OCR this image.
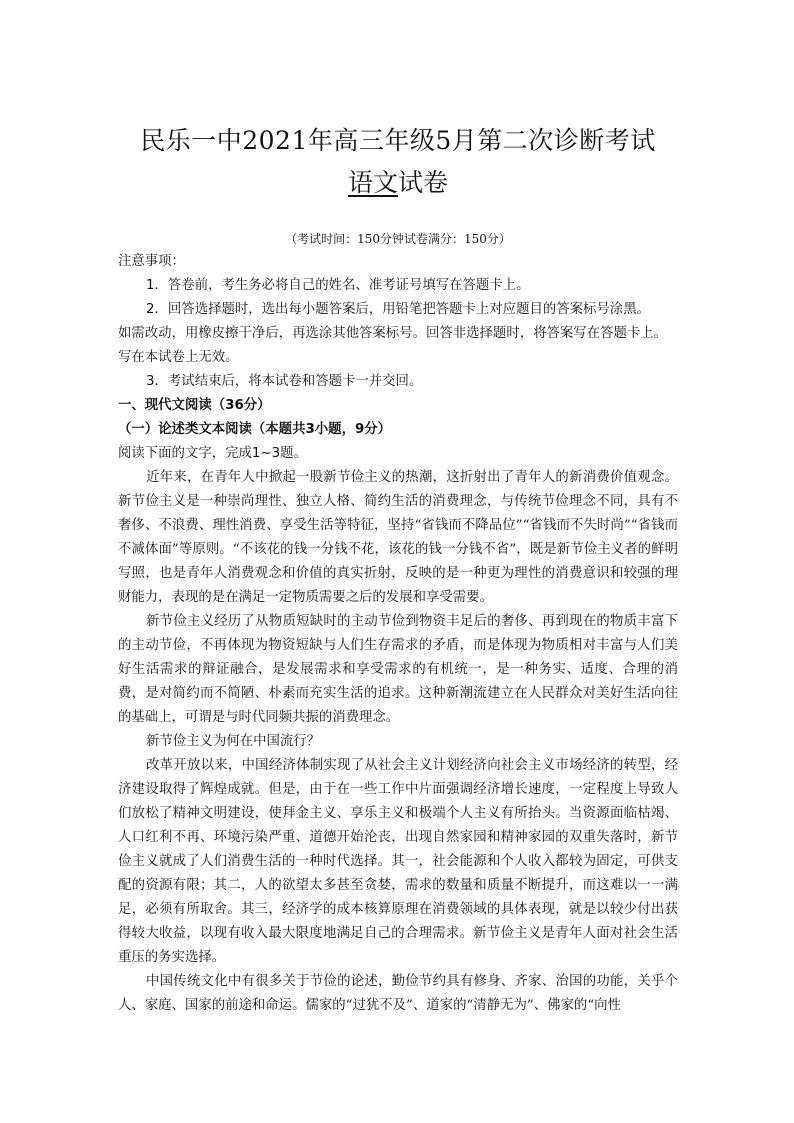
民乐一中2021年高三年级5月第二次诊断考试
语文试卷
（考试时间：150分钟试卷满分：150分）
注意事项：
1．答卷前，考生务必将自己的姓名、准考证号填写在答题卡上。
2．回答选择题时，选出每小题答案后，用铅笔把答题卡上对应题目的答案标号涂黑。
如需改动，用橡皮擦干净后，再选涂其他答案标号。回答非选择题时，将答案写在答题卡上。
写在本试卷上无效。
3．考试结束后，将本试卷和答题卡一并交回。
一、现代文阅读（36分）
（一）论述类文本阅读（本题共3小题，9分）
阅读下面的文字，完成1~3题。

近年来，在青年人中掀起一股新节俭主义的热潮，这折射出了青年人的新消费价值观念。新节俭主义是一种崇尚理性、独立人格、简约生活的消费理念，与传统节俭理念不同，具有不奢侈、不浪费、理性消费、享受生活等特征，坚持“省钱而不降品位”“省钱而不失时尚”“省钱而不减体面”等原则。“不该花的钱一分钱不花，该花的钱一分钱不省”，既是新节俭主义者的鲜明写照，也是青年人消费观念和价值的真实折射，反映的是一种更为理性的消费意识和较强的理财能力，表现的是在满足一定物质需要之后的发展和享受需要。

新节俭主义经历了从物质短缺时的主动节俭到物资丰足后的奢侈、再到现在的物质丰富下的主动节俭，不再体现为物资短缺与人们生存需求的矛盾，而是体现为物质相对丰富与人们美好生活需求的辩证融合，是发展需求和享受需求的有机统一，是一种务实、适度、合理的消费，是对简约而不简陋、朴素而充实生活的追求。这种新潮流建立在人民群众对美好生活向往的基础上，可谓是与时代同频共振的消费理念。

新节俭主义为何在中国流行？

改革开放以来，中国经济体制实现了从社会主义计划经济向社会主义市场经济的转型，经济建设取得了辉煌成就。但是，由于在一些工作中片面强调经济增长速度，一定程度上导致人们放松了精神文明建设，使拜金主义、享乐主义和极端个人主义有所抬头。当资源面临枯竭、人口红利不再、环境污染严重、道德开始沦丧，出现自然家园和精神家园的双重失落时，新节俭主义就成了人们消费生活的一种时代选择。其一，社会能源和个人收入都较为固定，可供支配的资源有限；其二，人的欲望太多甚至贪婪，需求的数量和质量不断提升，而这难以一一满足，必须有所取舍。其三，经济学的成本核算原理在消费领域的具体表现，就是以较少付出获得较大收益，以现有收入最大限度地满足自己的合理需求。新节俭主义是青年人面对社会生活重压的务实选择。

中国传统文化中有很多关于节俭的论述，勤俭节约具有修身、齐家、治国的功能，关乎个人、家庭、国家的前途和命运。儒家的“过犹不及”、道家的“清静无为”、佛家的“向性
